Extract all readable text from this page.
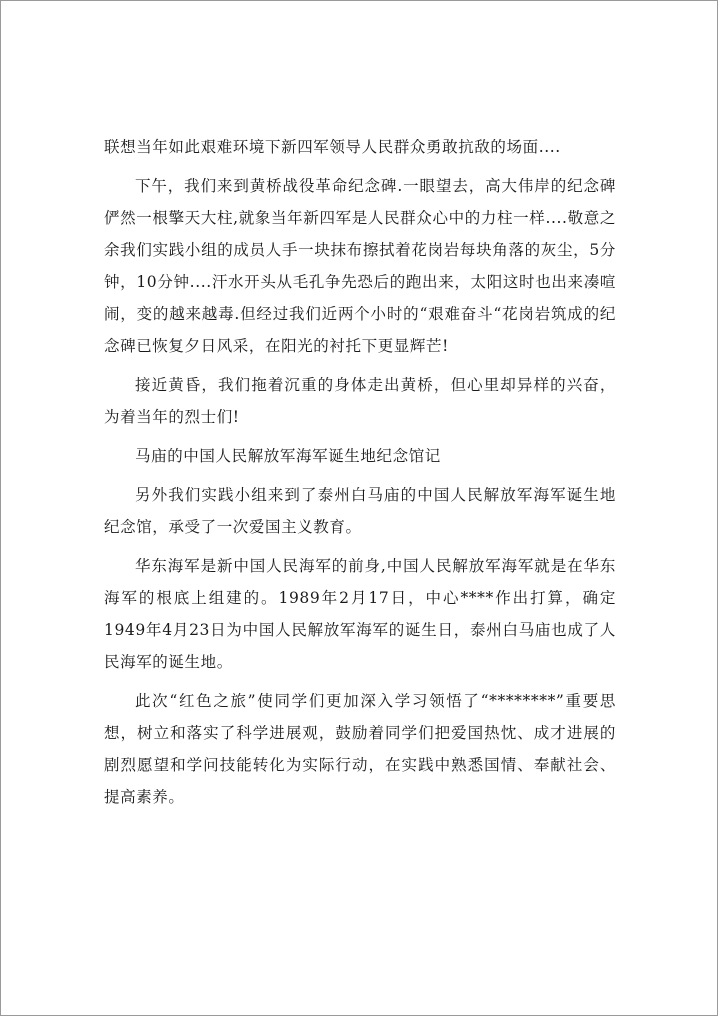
联想当年如此艰难环境下新四军领导人民群众勇敢抗敌的场面....

下午，我们来到黄桥战役革命纪念碑.一眼望去，高大伟岸的纪念碑俨然一根擎天大柱,就象当年新四军是人民群众心中的力柱一样....敬意之余我们实践小组的成员人手一块抹布擦拭着花岗岩每块角落的灰尘，5分钟，10分钟....汗水开头从毛孔争先恐后的跑出来，太阳这时也出来凑喧闹，变的越来越毒.但经过我们近两个小时的“艰难奋斗“花岗岩筑成的纪念碑已恢复夕日风采，在阳光的衬托下更显辉芒!

接近黄昏，我们拖着沉重的身体走出黄桥，但心里却异样的兴奋，为着当年的烈士们!

马庙的中国人民解放军海军诞生地纪念馆记

另外我们实践小组来到了泰州白马庙的中国人民解放军海军诞生地纪念馆，承受了一次爱国主义教育。

华东海军是新中国人民海军的前身,中国人民解放军海军就是在华东海军的根底上组建的。1989年2月17日，中心****作出打算，确定1949年4月23日为中国人民解放军海军的诞生日，泰州白马庙也成了人民海军的诞生地。

此次“红色之旅”使同学们更加深入学习领悟了“********”重要思想，树立和落实了科学进展观，鼓励着同学们把爱国热忱、成才进展的剧烈愿望和学问技能转化为实际行动，在实践中熟悉国情、奉献社会、提高素养。
